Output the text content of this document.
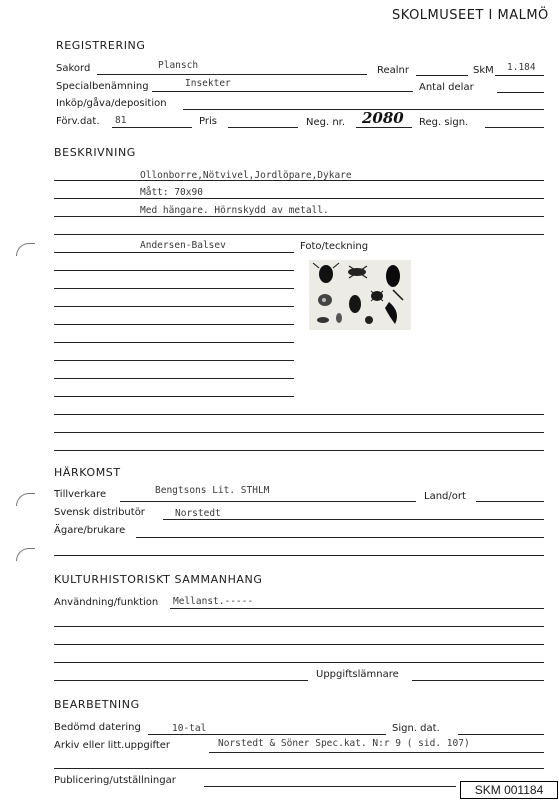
SKOLMUSEET I MALMÖ
REGISTRERING
Sakord	Plansch	Realnr	SkM 1.184
Specialbenämning	Insekter	Antal delar
Inköp/gåva/deposition
Förv.dat. 81	Pris	Neg. nr. 2080 Reg. sign.
BESKRIVNING
Ollonborre,Nötvivel,Jordlöpare,Dykare
Mått: 70x90
Med hängare. Hörnskydd av metall.
Andersen-Balsev	Foto/teckning
HÄRKOMST
Tillverkare	Bengtsons Lit. STHLM
Land/ort
Svensk distributör	Norstedt
Ägare/brukare
KULTURHISTORISKT SAMMANHANG
Användning/funktion Mellanst.-----
Uppgiftslämnare
BEARBETNING
Bedömd datering	10-tal	Sign. dat.
Arkiv eller litt.uppgifter	Norstedt & Söner Spec.kat. N:r 9 ( sid. 107)
Publicering/utställningar
SKM 001184
